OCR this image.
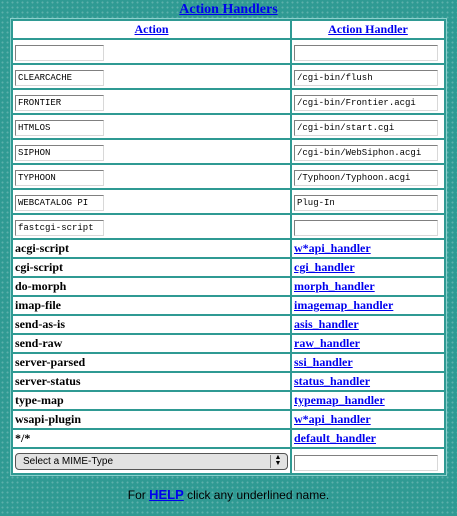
Action Handlers
Action	Action Handler

CLEARCACHE	/cgi-bin/flush
FRONTIER	/cgi-bin/Frontier.acgi
HTMLOS	/cgi-bin/start.cgi
SIPHON	/cgi-bin/WebSiphon.acgi
TYPHOON	/Typhoon/Typhoon.acgi
WEBCATALOG PI	Plug-In
fastcgi-script	
acgi-script	w*api_handler
cgi-script	cgi_handler
do-morph	morph_handler
imap-file	imagemap_handler
send-as-is	asis_handler
send-raw	raw_handler
server-parsed	ssi_handler
server-status	status_handler
type-map	typemap_handler
wsapi-plugin	w*api_handler
*/*	default_handler

Select a MIME-Type ▲
▼

For HELP click any underlined name.
